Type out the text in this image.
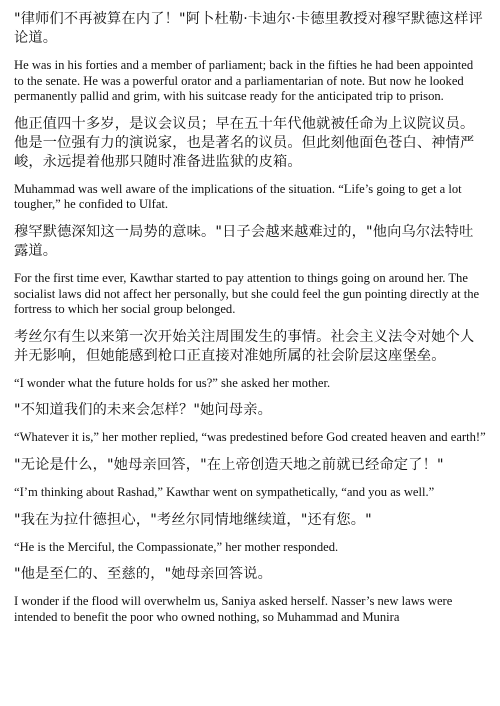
"律师们不再被算在内了！"阿卜杜勒·卡迪尔·卡德里教授对穆罕默德这样评论道。

He was in his forties and a member of parliament; back in the fifties he had been appointed to the senate. He was a powerful orator and a parliamentarian of note. But now he looked permanently pallid and grim, with his suitcase ready for the anticipated trip to prison.

他正值四十多岁，是议会议员；早在五十年代他就被任命为上议院议员。他是一位强有力的演说家，也是著名的议员。但此刻他面色苍白、神情严峻，永远提着他那只随时准备进监狱的皮箱。

Muhammad was well aware of the implications of the situation. “Life’s going to get a lot tougher,” he confided to Ulfat.

穆罕默德深知这一局势的意味。"日子会越来越难过的，"他向乌尔法特吐露道。

For the first time ever, Kawthar started to pay attention to things going on around her. The socialist laws did not affect her personally, but she could feel the gun pointing directly at the fortress to which her social group belonged.

考丝尔有生以来第一次开始关注周围发生的事情。社会主义法令对她个人并无影响，但她能感到枪口正直接对准她所属的社会阶层这座堡垒。

“I wonder what the future holds for us?” she asked her mother.

"不知道我们的未来会怎样？"她问母亲。

“Whatever it is,” her mother replied, “was predestined before God created heaven and earth!”

"无论是什么，"她母亲回答，"在上帝创造天地之前就已经命定了！"

“I’m thinking about Rashad,” Kawthar went on sympathetically, “and you as well.”

"我在为拉什德担心，"考丝尔同情地继续道，"还有您。"

“He is the Merciful, the Compassionate,” her mother responded.

"他是至仁的、至慈的，"她母亲回答说。

I wonder if the flood will overwhelm us, Saniya asked herself. Nasser’s new laws were intended to benefit the poor who owned nothing, so Muhammad and Munira
